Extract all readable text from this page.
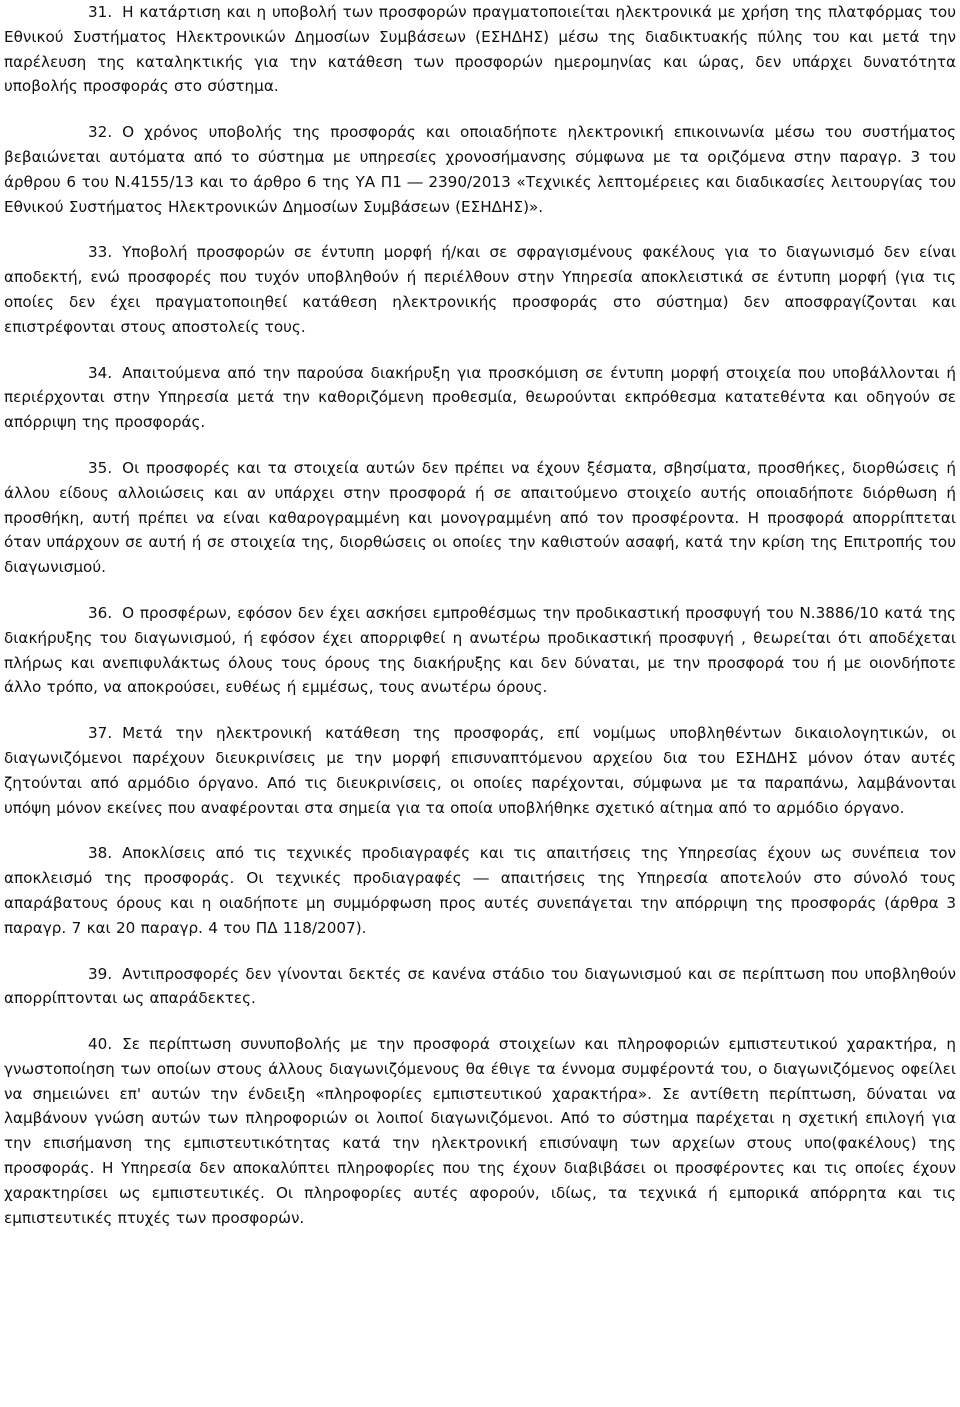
31. Η κατάρτιση και η υποβολή των προσφορών πραγματοποιείται ηλεκτρονικά με χρήση της πλατφόρμας του Εθνικού Συστήματος Ηλεκτρονικών Δημοσίων Συμβάσεων (ΕΣΗΔΗΣ) μέσω της διαδικτυακής πύλης του και μετά την παρέλευση της καταληκτικής για την κατάθεση των προσφορών ημερομηνίας και ώρας, δεν υπάρχει δυνατότητα υποβολής προσφοράς στο σύστημα.

32. Ο χρόνος υποβολής της προσφοράς και οποιαδήποτε ηλεκτρονική επικοινωνία μέσω του συστήματος βεβαιώνεται αυτόματα από το σύστημα με υπηρεσίες χρονοσήμανσης σύμφωνα με τα οριζόμενα στην παραγρ. 3 του άρθρου 6 του Ν.4155/13 και το άρθρο 6 της ΥΑ Π1 ― 2390/2013 «Τεχνικές λεπτομέρειες και διαδικασίες λειτουργίας του Εθνικού Συστήματος Ηλεκτρονικών Δημοσίων Συμβάσεων (ΕΣΗΔΗΣ)».

33. Υποβολή προσφορών σε έντυπη μορφή ή/και σε σφραγισμένους φακέλους για το διαγωνισμό δεν είναι αποδεκτή, ενώ προσφορές που τυχόν υποβληθούν ή περιέλθουν στην Υπηρεσία αποκλειστικά σε έντυπη μορφή (για τις οποίες δεν έχει πραγματοποιηθεί κατάθεση ηλεκτρονικής προσφοράς στο σύστημα) δεν αποσφραγίζονται και επιστρέφονται στους αποστολείς τους.

34. Απαιτούμενα από την παρούσα διακήρυξη για προσκόμιση σε έντυπη μορφή στοιχεία που υποβάλλονται ή περιέρχονται στην Υπηρεσία μετά την καθοριζόμενη προθεσμία, θεωρούνται εκπρόθεσμα κατατεθέντα και οδηγούν σε απόρριψη της προσφοράς.

35. Οι προσφορές και τα στοιχεία αυτών δεν πρέπει να έχουν ξέσματα, σβησίματα, προσθήκες, διορθώσεις ή άλλου είδους αλλοιώσεις και αν υπάρχει στην προσφορά ή σε απαιτούμενο στοιχείο αυτής οποιαδήποτε διόρθωση ή προσθήκη, αυτή πρέπει να είναι καθαρογραμμένη και μονογραμμένη από τον προσφέροντα. Η προσφορά απορρίπτεται όταν υπάρχουν σε αυτή ή σε στοιχεία της, διορθώσεις οι οποίες την καθιστούν ασαφή, κατά την κρίση της Επιτροπής του διαγωνισμού.

36. Ο προσφέρων, εφόσον δεν έχει ασκήσει εμπροθέσμως την προδικαστική προσφυγή του Ν.3886/10 κατά της διακήρυξης του διαγωνισμού, ή εφόσον έχει απορριφθεί η ανωτέρω προδικαστική προσφυγή , θεωρείται ότι αποδέχεται πλήρως και ανεπιφυλάκτως όλους τους όρους της διακήρυξης και δεν δύναται, με την προσφορά του ή με οιονδήποτε άλλο τρόπο, να αποκρούσει, ευθέως ή εμμέσως, τους ανωτέρω όρους.

37. Μετά την ηλεκτρονική κατάθεση της προσφοράς, επί νομίμως υποβληθέντων δικαιολογητικών, οι διαγωνιζόμενοι παρέχουν διευκρινίσεις με την μορφή επισυναπτόμενου αρχείου δια του ΕΣΗΔΗΣ μόνον όταν αυτές ζητούνται από αρμόδιο όργανο. Από τις διευκρινίσεις, οι οποίες παρέχονται, σύμφωνα με τα παραπάνω, λαμβάνονται υπόψη μόνον εκείνες που αναφέρονται στα σημεία για τα οποία υποβλήθηκε σχετικό αίτημα από το αρμόδιο όργανο.

38. Αποκλίσεις από τις τεχνικές προδιαγραφές και τις απαιτήσεις της Υπηρεσίας έχουν ως συνέπεια τον αποκλεισμό της προσφοράς. Οι τεχνικές προδιαγραφές ― απαιτήσεις της Υπηρεσία αποτελούν στο σύνολό τους απαράβατους όρους και η οιαδήποτε μη συμμόρφωση προς αυτές συνεπάγεται την απόρριψη της προσφοράς (άρθρα 3 παραγρ. 7 και 20 παραγρ. 4 του ΠΔ 118/2007).

39. Αντιπροσφορές δεν γίνονται δεκτές σε κανένα στάδιο του διαγωνισμού και σε περίπτωση που υποβληθούν απορρίπτονται ως απαράδεκτες.

40. Σε περίπτωση συνυποβολής με την προσφορά στοιχείων και πληροφοριών εμπιστευτικού χαρακτήρα, η γνωστοποίηση των οποίων στους άλλους διαγωνιζόμενους θα έθιγε τα έννομα συμφέροντά του, ο διαγωνιζόμενος οφείλει να σημειώνει επ' αυτών την ένδειξη «πληροφορίες εμπιστευτικού χαρακτήρα». Σε αντίθετη περίπτωση, δύναται να λαμβάνουν γνώση αυτών των πληροφοριών οι λοιποί διαγωνιζόμενοι. Από το σύστημα παρέχεται η σχετική επιλογή για την επισήμανση της εμπιστευτικότητας κατά την ηλεκτρονική επισύναψη των αρχείων στους υπο(φακέλους) της προσφοράς. Η Υπηρεσία δεν αποκαλύπτει πληροφορίες που της έχουν διαβιβάσει οι προσφέροντες και τις οποίες έχουν χαρακτηρίσει ως εμπιστευτικές. Οι πληροφορίες αυτές αφορούν, ιδίως, τα τεχνικά ή εμπορικά απόρρητα και τις εμπιστευτικές πτυχές των προσφορών.
